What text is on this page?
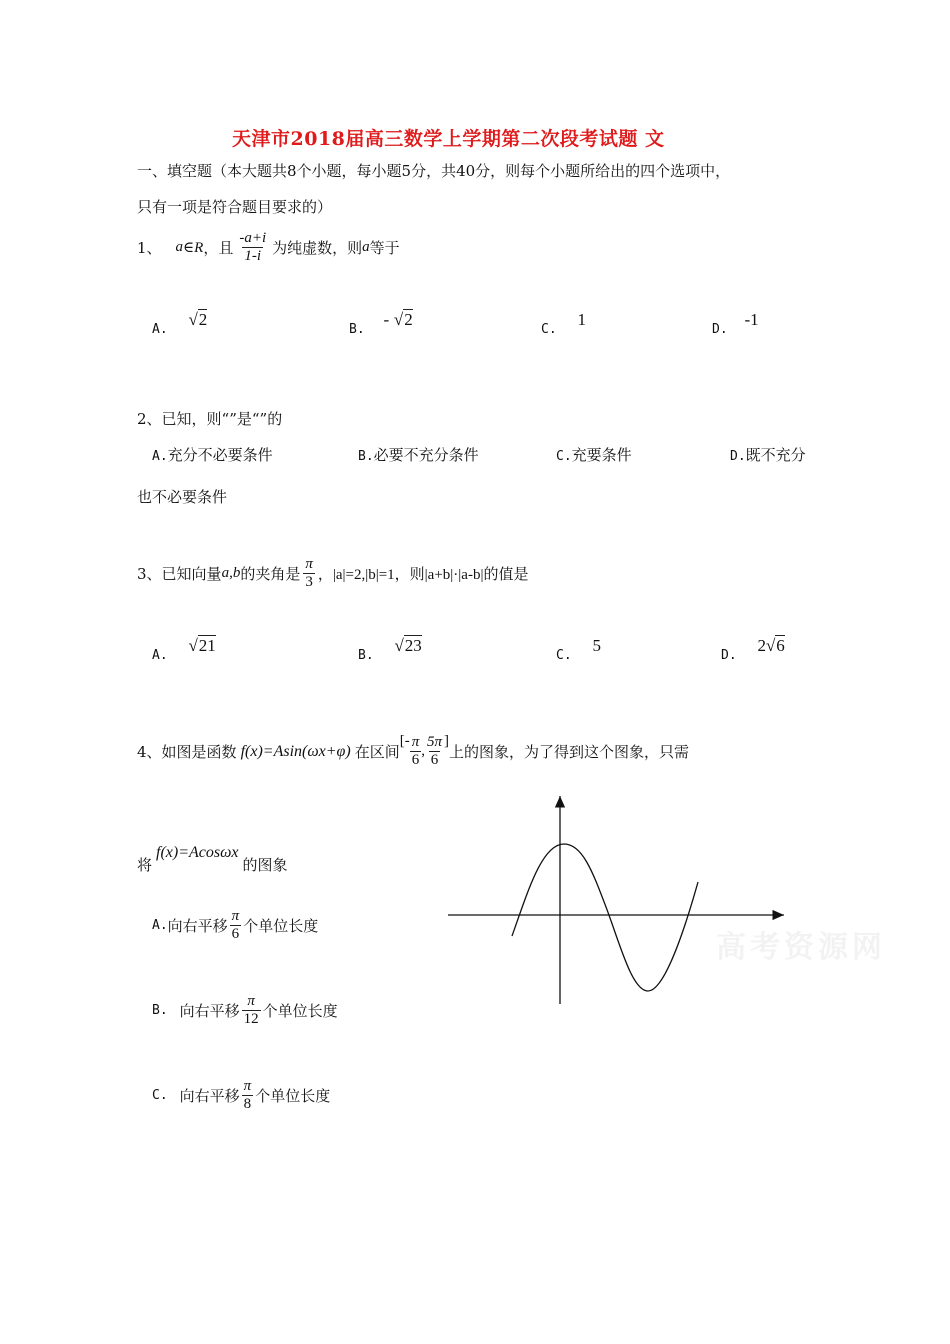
天津市2018届高三数学上学期第二次段考试题 文
一、填空题（本大题共8个小题，每小题5分，共40分，则每个小题所给出的四个选项中，
只有一项是符合题目要求的）
1、 a ∈R ，且 $\frac{-a+i}{1-i}$ 为纯虚数，则 a 等于
A. √2
B. - √2
C. 1
D. -1
2、已知，则“”是“”的
A.充分不必要条件	B.必要不充分条件	C.充要条件	D.既不充分
也不必要条件
3、 已知向量 a,b 的夹角是 $\frac{\pi}{3}$ ，|a|=2,|b|=1，则|a+b|·|a-b|的值是
A. √21
B. √23
C. 5
D. 2√6
4、 如图是函数 f(x)=Asin(ωx+φ) 在区间
[- $\frac{\pi}{6}$ , $\frac{5\pi}{6}$ ]
上的图象，为了得到这个图象，只需
将
f(x)=Acosωx
的图象
A. 向右平移 $\frac{\pi}{6}$ 个单位长度
B. 向右平移 $\frac{\pi}{12}$ 个单位长度
C. 向右平移 $\frac{\pi}{8}$ 个单位长度
高考资源网
